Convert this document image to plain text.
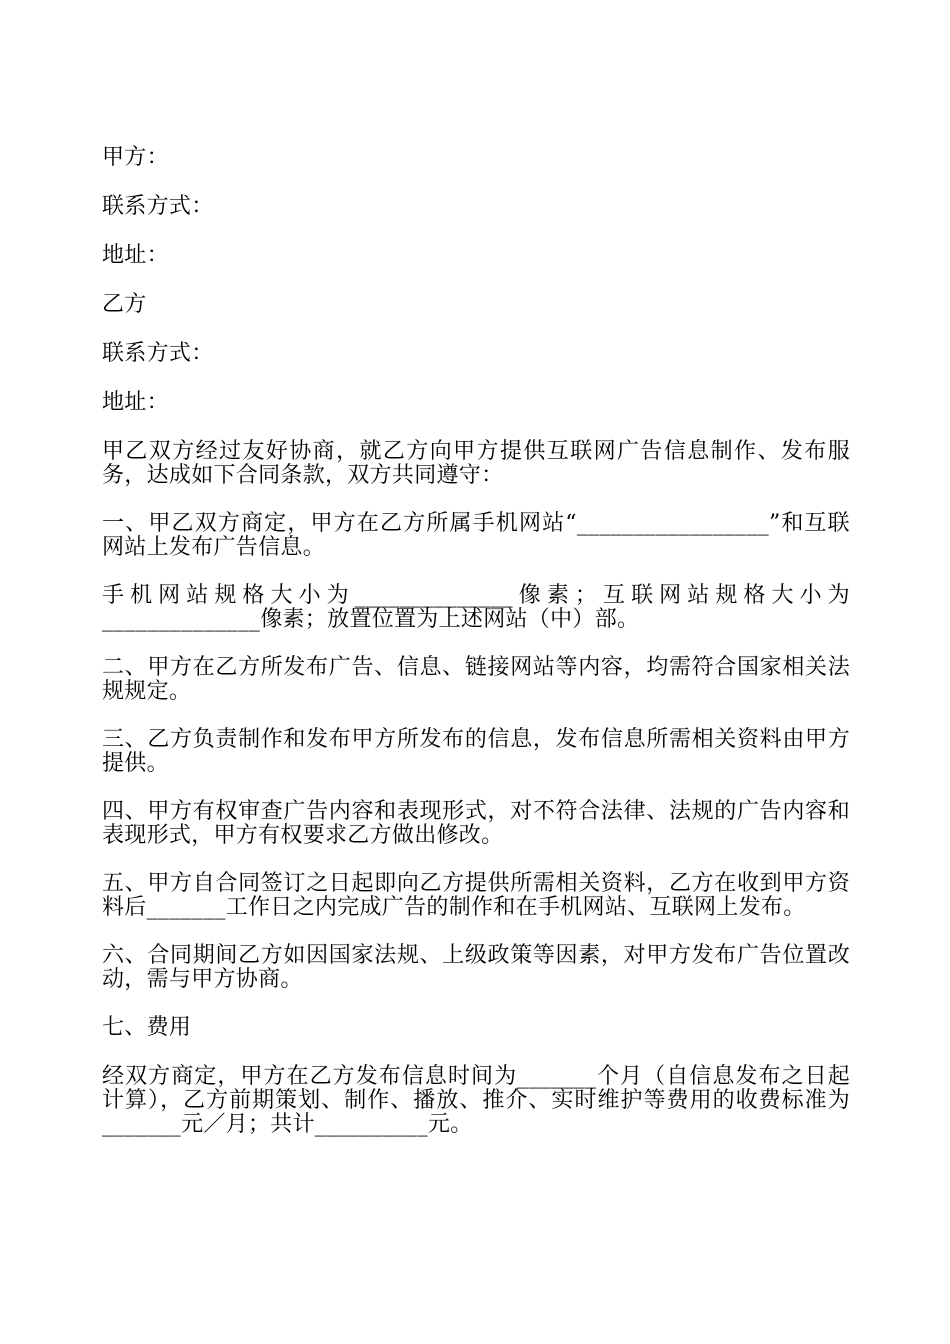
甲方：

联系方式：

地址：

乙方

联系方式：

地址：

甲乙双方经过友好协商，就乙方向甲方提供互联网广告信息制作、发布服务，达成如下合同条款，双方共同遵守：

一、甲乙双方商定，甲方在乙方所属手机网站“_________________”和互联网站上发布广告信息。

手机网站规格大小为______________像素；互联网站规格大小为______________像素；放置位置为上述网站（中）部。

二、甲方在乙方所发布广告、信息、链接网站等内容，均需符合国家相关法规规定。

三、乙方负责制作和发布甲方所发布的信息，发布信息所需相关资料由甲方提供。

四、甲方有权审查广告内容和表现形式，对不符合法律、法规的广告内容和表现形式，甲方有权要求乙方做出修改。

五、甲方自合同签订之日起即向乙方提供所需相关资料，乙方在收到甲方资料后_______工作日之内完成广告的制作和在手机网站、互联网上发布。

六、合同期间乙方如因国家法规、上级政策等因素，对甲方发布广告位置改动，需与甲方协商。

七、费用

经双方商定，甲方在乙方发布信息时间为_______个月（自信息发布之日起计算），乙方前期策划、制作、播放、推介、实时维护等费用的收费标准为_______元／月；共计__________元。
